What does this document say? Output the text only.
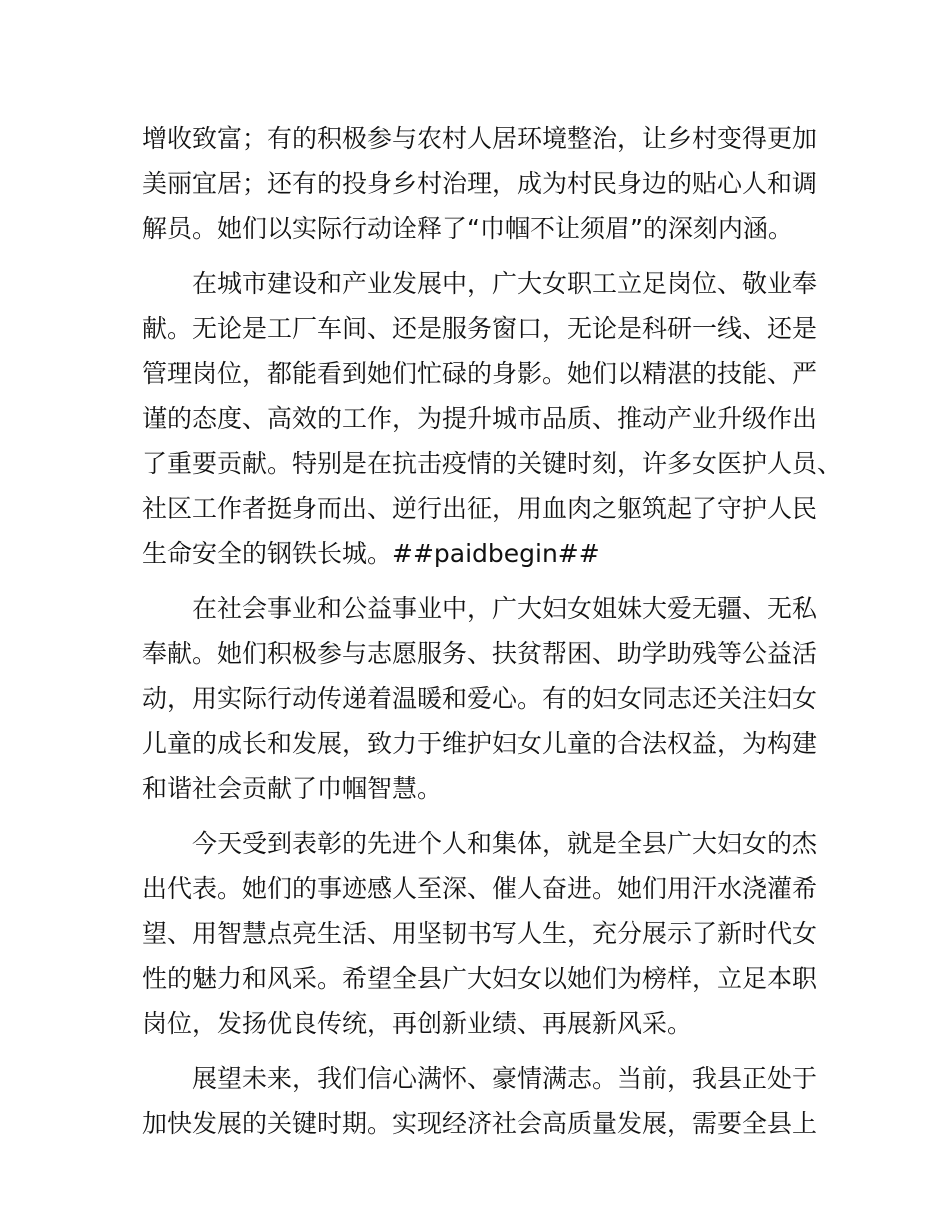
增收致富；有的积极参与农村人居环境整治，让乡村变得更加
美丽宜居；还有的投身乡村治理，成为村民身边的贴心人和调
解员。她们以实际行动诠释了“巾帼不让须眉”的深刻内涵。
在城市建设和产业发展中，广大女职工立足岗位、敬业奉
献。无论是工厂车间、还是服务窗口，无论是科研一线、还是
管理岗位，都能看到她们忙碌的身影。她们以精湛的技能、严
谨的态度、高效的工作，为提升城市品质、推动产业升级作出
了重要贡献。特别是在抗击疫情的关键时刻，许多女医护人员、
社区工作者挺身而出、逆行出征，用血肉之躯筑起了守护人民
生命安全的钢铁长城。##paidbegin##
在社会事业和公益事业中，广大妇女姐妹大爱无疆、无私
奉献。她们积极参与志愿服务、扶贫帮困、助学助残等公益活
动，用实际行动传递着温暖和爱心。有的妇女同志还关注妇女
儿童的成长和发展，致力于维护妇女儿童的合法权益，为构建
和谐社会贡献了巾帼智慧。
今天受到表彰的先进个人和集体，就是全县广大妇女的杰
出代表。她们的事迹感人至深、催人奋进。她们用汗水浇灌希
望、用智慧点亮生活、用坚韧书写人生，充分展示了新时代女
性的魅力和风采。希望全县广大妇女以她们为榜样，立足本职
岗位，发扬优良传统，再创新业绩、再展新风采。
展望未来，我们信心满怀、豪情满志。当前，我县正处于
加快发展的关键时期。实现经济社会高质量发展，需要全县上
